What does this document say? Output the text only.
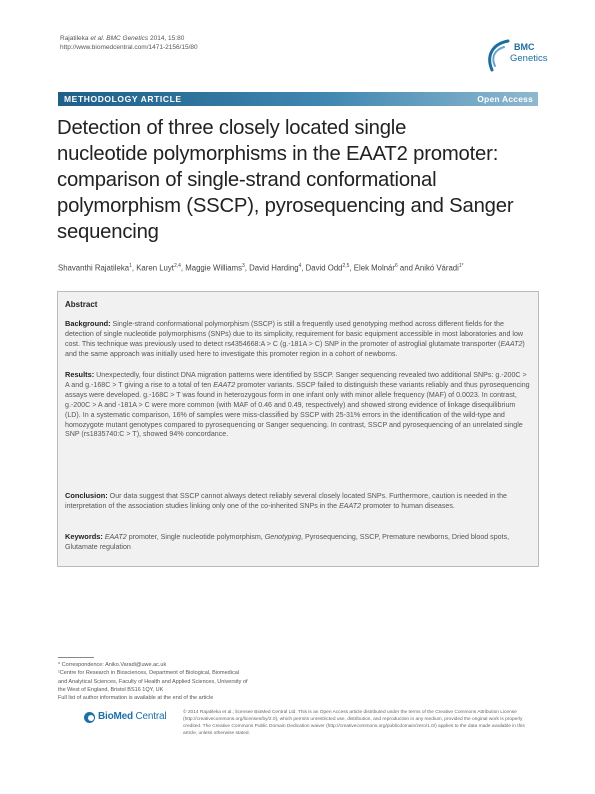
Rajatileka et al. BMC Genetics 2014, 15:80
http://www.biomedcentral.com/1471-2156/15/80	BMC
Genetics
METHODOLOGY ARTICLE	Open Access
Detection of three closely located single
nucleotide polymorphisms in the EAAT2 promoter:
comparison of single-strand conformational
polymorphism (SSCP), pyrosequencing and Sanger
sequencing
Shavanthi Rajatileka$^1$, Karen Luyt$^{2,4}$, Maggie Williams$^3$, David Harding$^4$, David Odd$^{2,5}$, Elek Molnár$^6$ and Anikó Váradi$^{1*}$
Abstract

Background: Single-strand conformational polymorphism (SSCP) is still a frequently used genotyping method across different fields for the detection of single nucleotide polymorphisms (SNPs) due to its simplicity, requirement for basic equipment accessible in most laboratories and low cost. This technique was previously used to detect rs4354668:A > C (g.-181A > C) SNP in the promoter of astroglial glutamate transporter (EAAT2) and the same approach was initially used here to investigate this promoter region in a cohort of newborns.

Results: Unexpectedly, four distinct DNA migration patterns were identified by SSCP. Sanger sequencing revealed two additional SNPs: g.-200C > A and g.-168C > T giving a rise to a total of ten EAAT2 promoter variants. SSCP failed to distinguish these variants reliably and thus pyrosequencing assays were developed. g.-168C > T was found in heterozygous form in one infant only with minor allele frequency (MAF) of 0.0023. In contrast, g.-200C > A and -181A > C were more common (with MAF of 0.46 and 0.49, respectively) and showed strong evidence of linkage disequilibrium (LD). In a systematic comparison, 16% of samples were miss-classified by SSCP with 25-31% errors in the identification of the wild-type and homozygote mutant genotypes compared to pyrosequencing or Sanger sequencing. In contrast, SSCP and pyrosequencing of an unrelated single SNP (rs1835740:C > T), showed 94% concordance.

Conclusion: Our data suggest that SSCP cannot always detect reliably several closely located SNPs. Furthermore, caution is needed in the interpretation of the association studies linking only one of the co-inherited SNPs in the EAAT2 promoter to human diseases.

Keywords: EAAT2 promoter, Single nucleotide polymorphism, Genotyping, Pyrosequencing, SSCP, Premature newborns, Dried blood spots, Glutamate regulation

* Correspondence: Aniko.Varadi@uwe.ac.uk
¹Centre for Research in Biosciences, Department of Biological, Biomedical
and Analytical Sciences, Faculty of Health and Applied Sciences, University of
the West of England, Bristol BS16 1QY, UK
Full list of author information is available at the end of the article
BioMed Central	© 2014 Rajatileka et al.; licensee BioMed Central Ltd. This is an Open Access article distributed under the terms of the Creative Commons Attribution License (http://creativecommons.org/licenses/by/2.0), which permits unrestricted use, distribution, and reproduction in any medium, provided the original work is properly credited. The Creative Commons Public Domain Dedication waiver (http://creativecommons.org/publicdomain/zero/1.0/) applies to the data made available in this article, unless otherwise stated.
